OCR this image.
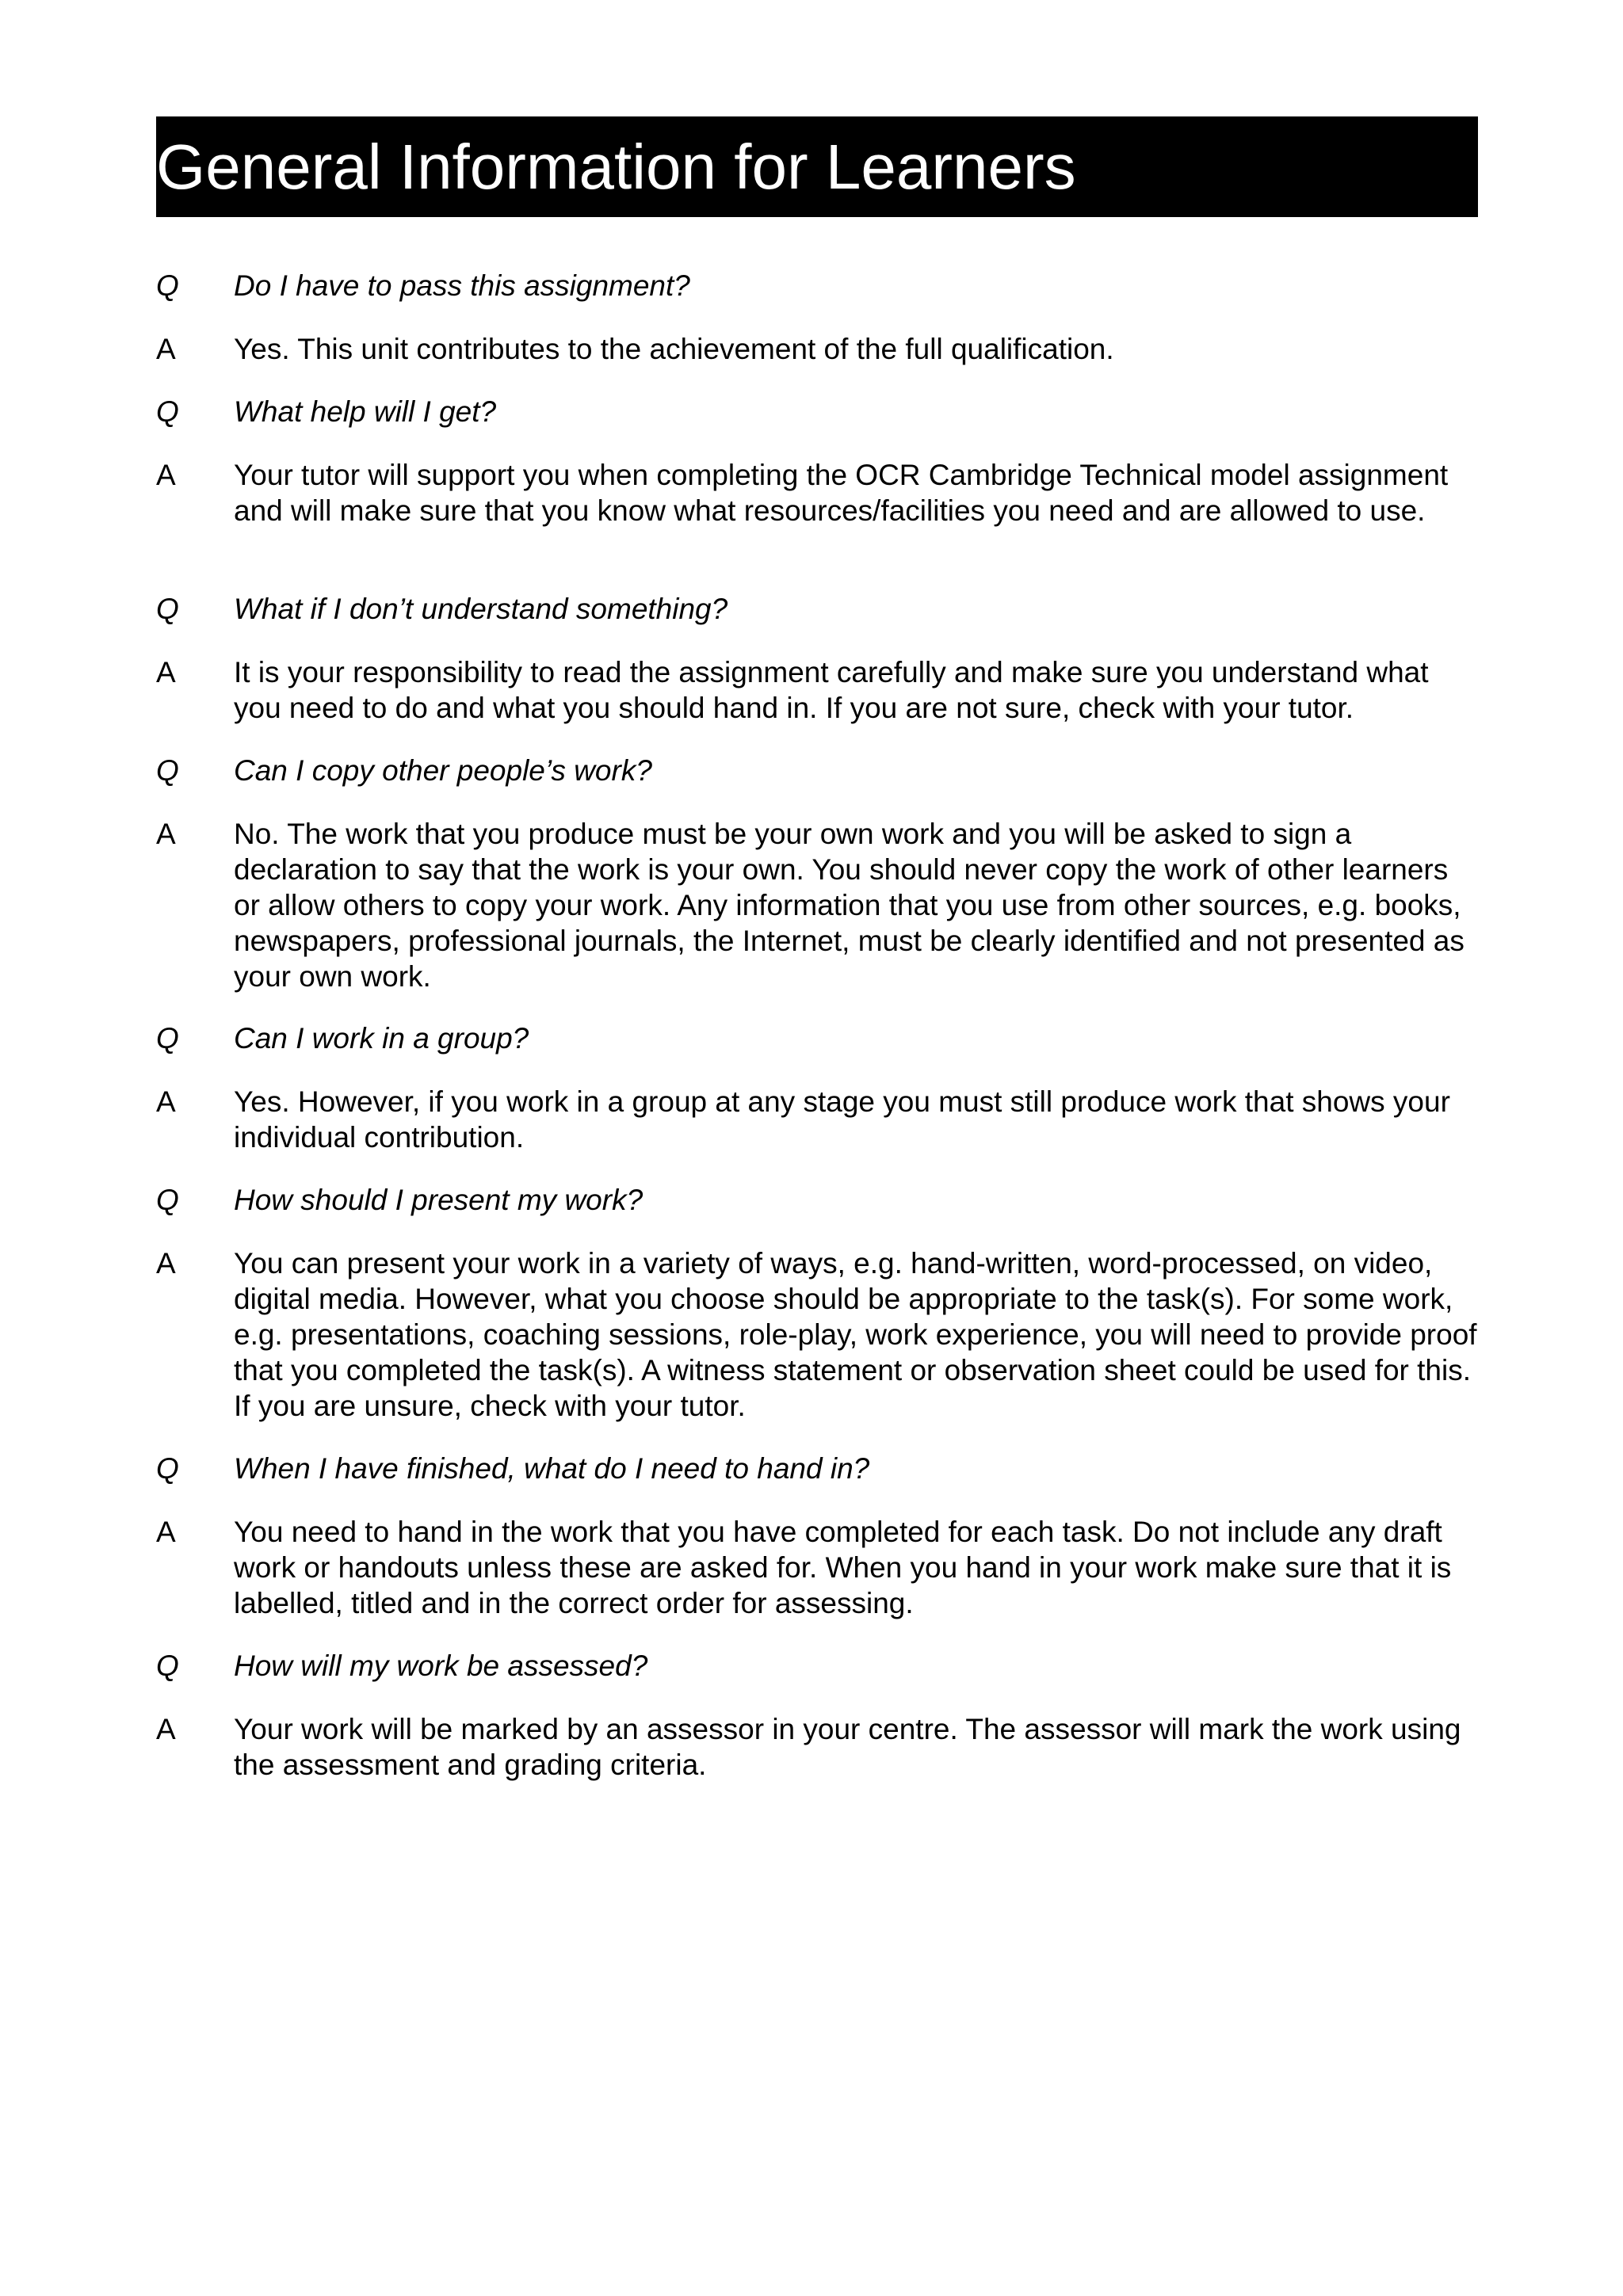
General Information for Learners
Q	Do I have to pass this assignment?
A	Yes. This unit contributes to the achievement of the full qualification.
Q	What help will I get?
A	Your tutor will support you when completing the OCR Cambridge Technical model assignment and will make sure that you know what resources/facilities you need and are allowed to use.
Q	What if I don’t understand something?
A	It is your responsibility to read the assignment carefully and make sure you understand what you need to do and what you should hand in. If you are not sure, check with your tutor.
Q	Can I copy other people’s work?
A	No. The work that you produce must be your own work and you will be asked to sign a declaration to say that the work is your own. You should never copy the work of other learners or allow others to copy your work. Any information that you use from other sources, e.g. books, newspapers, professional journals, the Internet, must be clearly identified and not presented as your own work.
Q	Can I work in a group?
A	Yes. However, if you work in a group at any stage you must still produce work that shows your individual contribution.
Q	How should I present my work?
A	You can present your work in a variety of ways, e.g. hand-written, word-processed, on video, digital media. However, what you choose should be appropriate to the task(s). For some work, e.g. presentations, coaching sessions, role-play, work experience, you will need to provide proof that you completed the task(s). A witness statement or observation sheet could be used for this. If you are unsure, check with your tutor.
Q	When I have finished, what do I need to hand in?
A	You need to hand in the work that you have completed for each task. Do not include any draft work or handouts unless these are asked for. When you hand in your work make sure that it is labelled, titled and in the correct order for assessing.
Q	How will my work be assessed?
A	Your work will be marked by an assessor in your centre. The assessor will mark the work using the assessment and grading criteria.
